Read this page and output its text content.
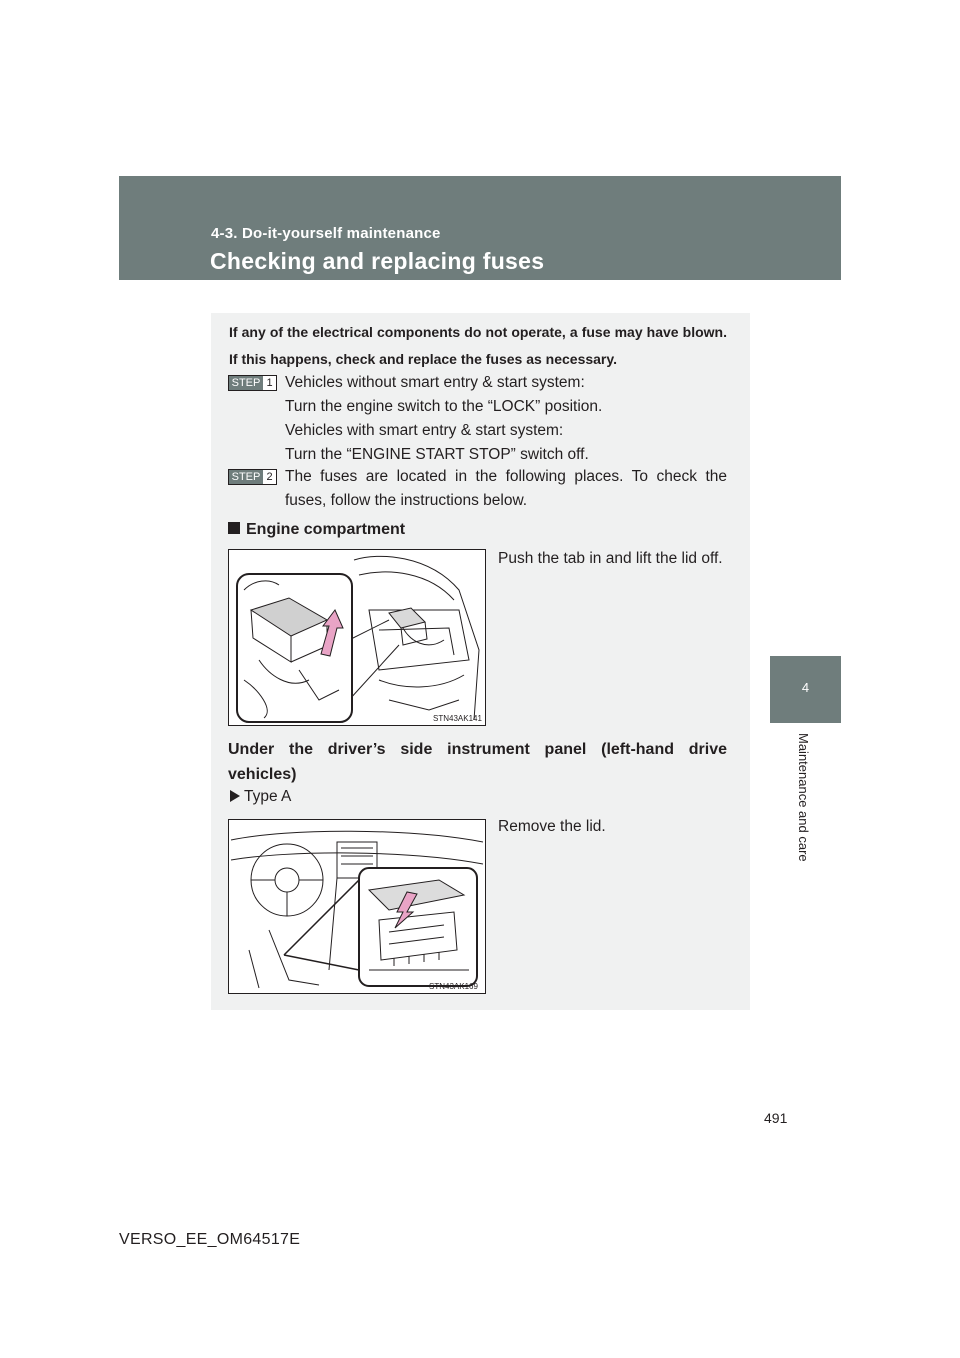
4-3. Do-it-yourself maintenance
Checking and replacing fuses
4
Maintenance and care
If any of the electrical components do not operate, a fuse may have blown. If this happens, check and replace the fuses as necessary.
STEP 1 Vehicles without smart entry & start system:
Turn the engine switch to the “LOCK” position.
Vehicles with smart entry & start system:
Turn the “ENGINE START STOP” switch off.
STEP 2 The fuses are located in the following places. To check the fuses, follow the instructions below.
Engine compartment
STN43AK141
Push the tab in and lift the lid off.
Under the driver’s side instrument panel (left-hand drive vehicles)
Type A
STN43AK169
Remove the lid.
491
VERSO_EE_OM64517E
